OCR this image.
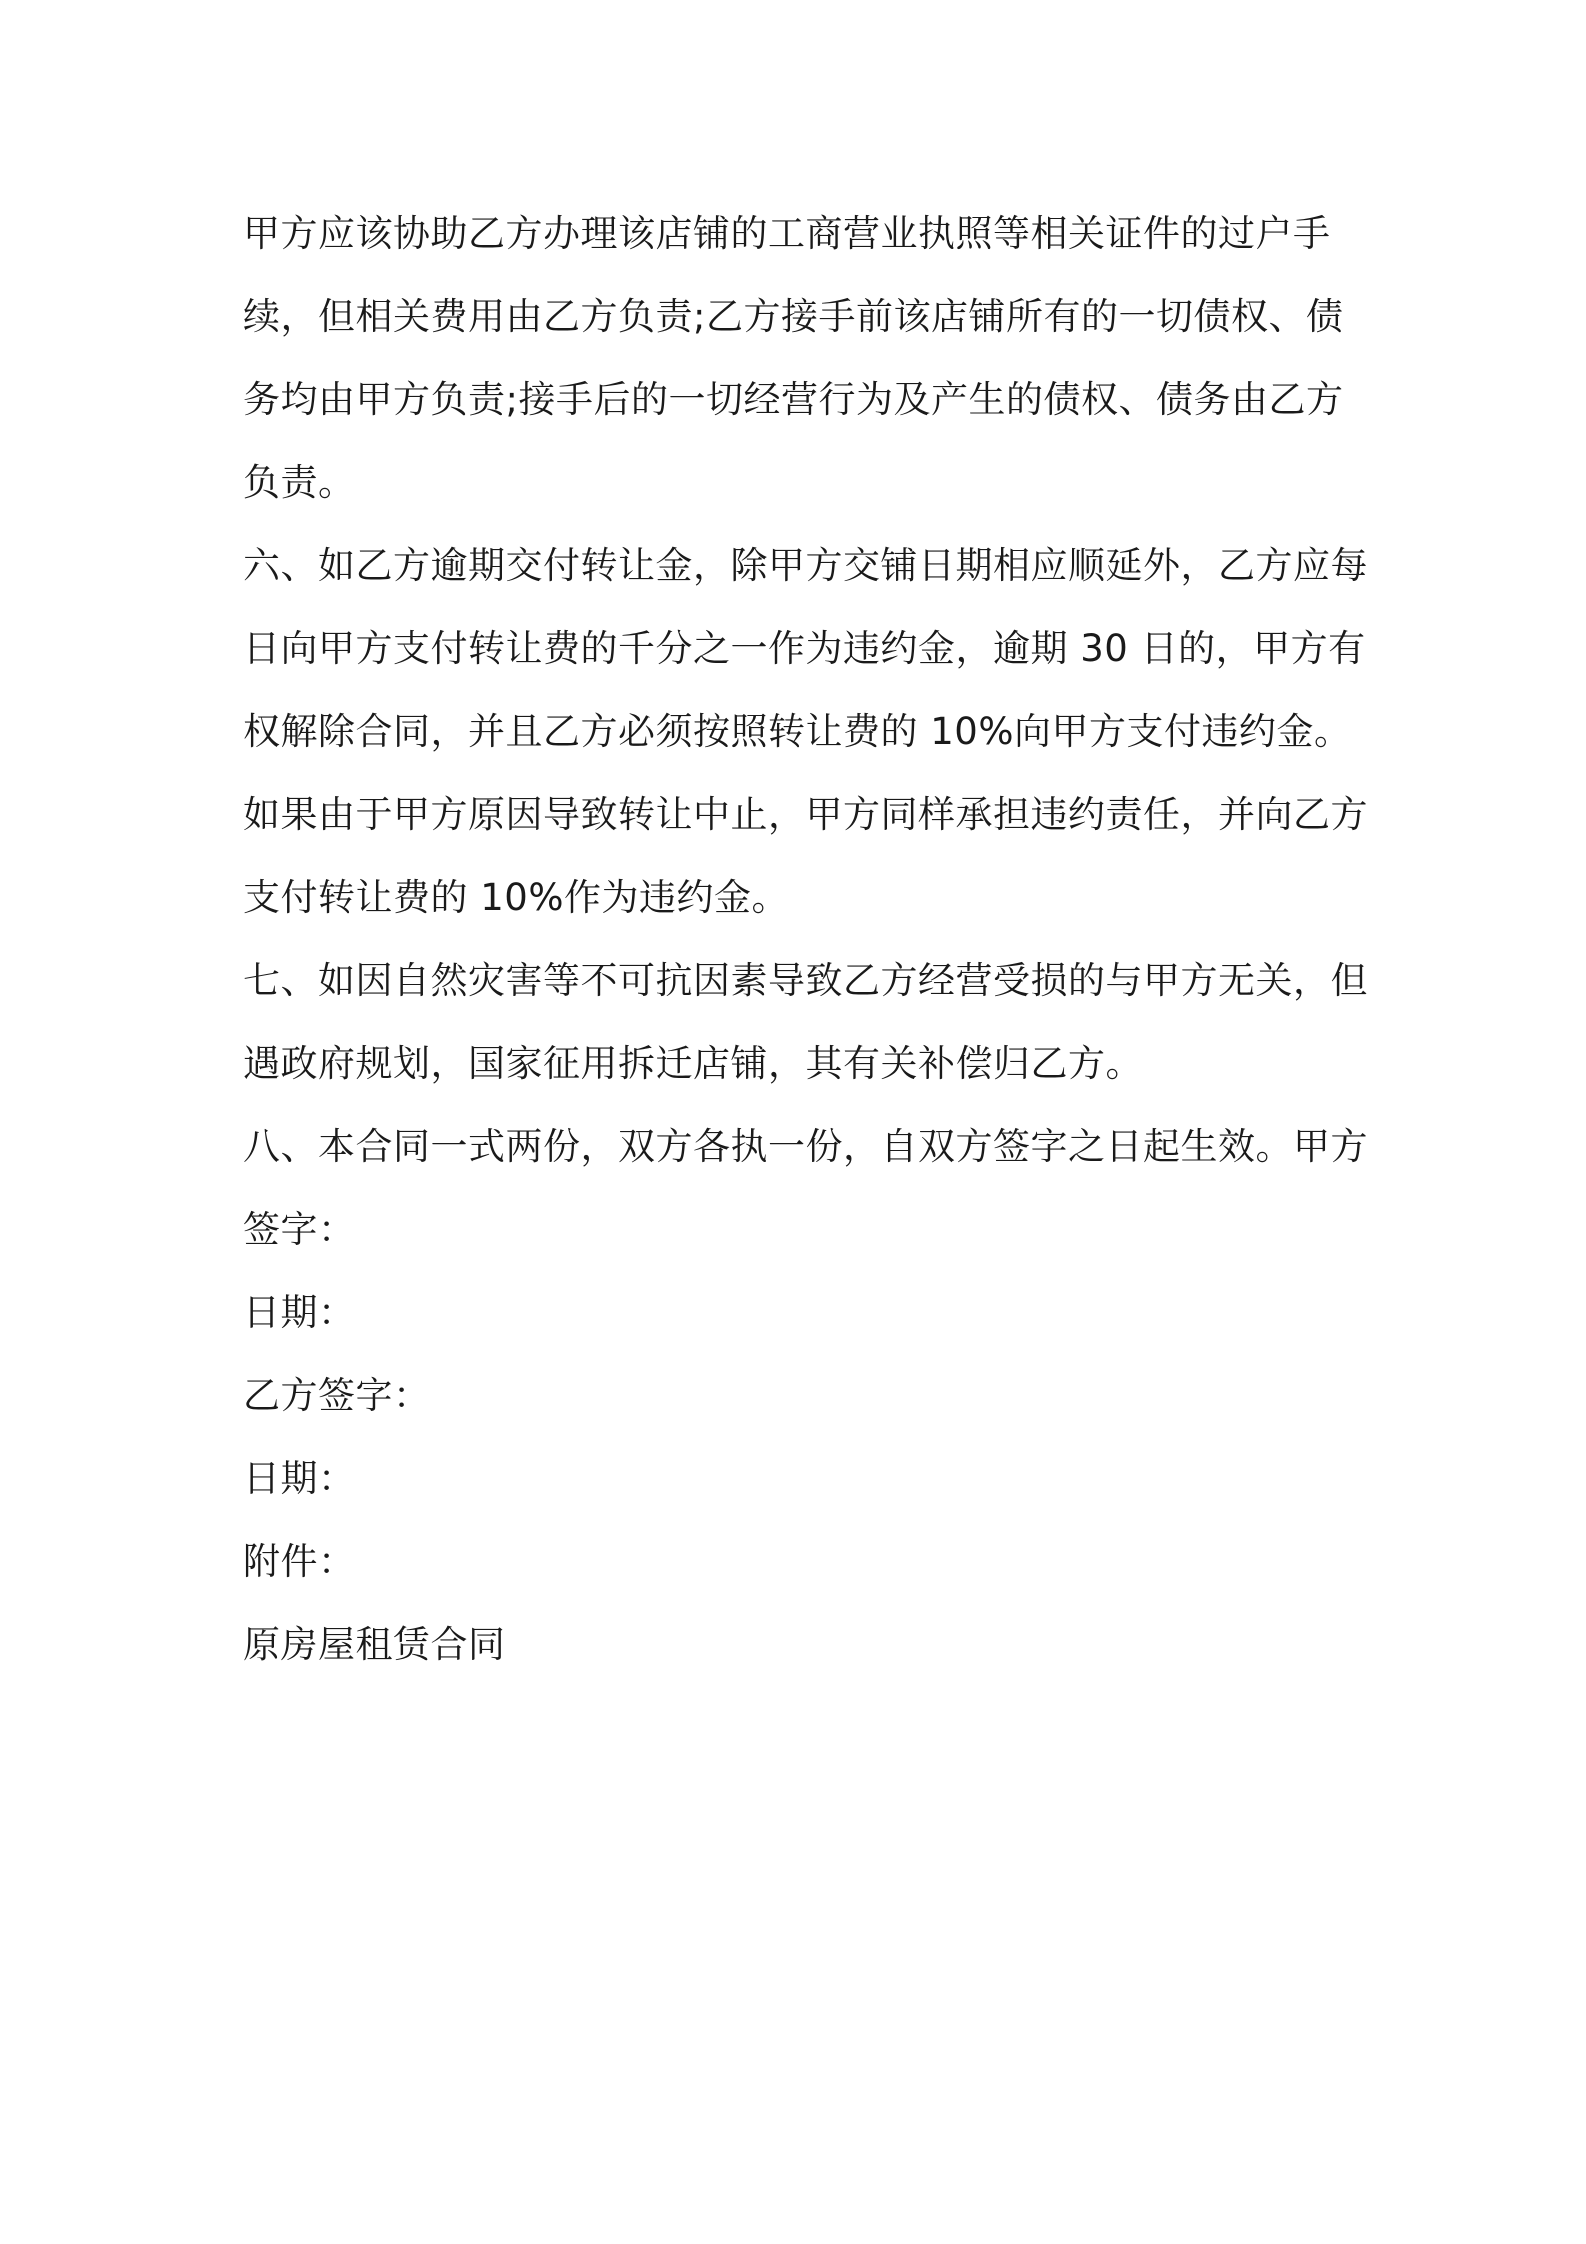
甲方应该协助乙方办理该店铺的工商营业执照等相关证件的过户手
续，但相关费用由乙方负责;乙方接手前该店铺所有的一切债权、债
务均由甲方负责;接手后的一切经营行为及产生的债权、债务由乙方
负责。
六、如乙方逾期交付转让金，除甲方交铺日期相应顺延外，乙方应每
日向甲方支付转让费的千分之一作为违约金，逾期 30 日的，甲方有
权解除合同，并且乙方必须按照转让费的 10%向甲方支付违约金。
如果由于甲方原因导致转让中止，甲方同样承担违约责任，并向乙方
支付转让费的 10%作为违约金。
七、如因自然灾害等不可抗因素导致乙方经营受损的与甲方无关，但
遇政府规划，国家征用拆迁店铺，其有关补偿归乙方。
八、本合同一式两份，双方各执一份，自双方签字之日起生效。甲方
签字：
日期：
乙方签字：
日期：
附件：
原房屋租赁合同
